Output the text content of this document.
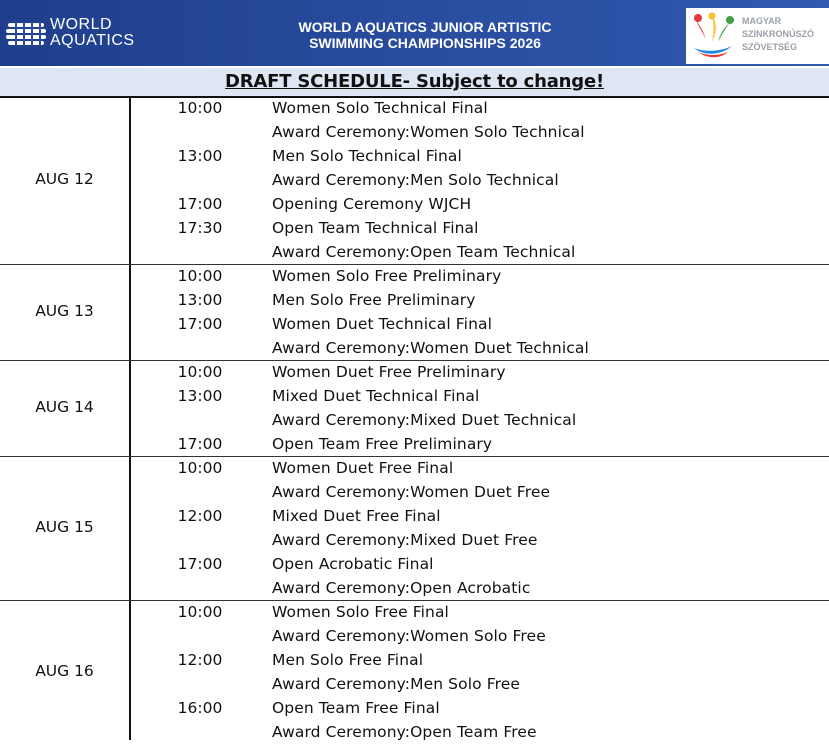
WORLD
AQUATICS
WORLD AQUATICS JUNIOR ARTISTIC
SWIMMING CHAMPIONSHIPS 2026
MAGYAR
SZINKRONÚSZÓ
SZÖVETSÉG
DRAFT SCHEDULE- Subject to change!
AUG 12
10:00	Women Solo Technical Final
Award Ceremony:Women Solo Technical
13:00	Men Solo Technical Final
Award Ceremony:Men Solo Technical
17:00	Opening Ceremony WJCH
17:30	Open Team Technical Final
Award Ceremony:Open Team Technical
AUG 13
10:00	Women Solo Free Preliminary
13:00	Men Solo Free Preliminary
17:00	Women Duet Technical Final
Award Ceremony:Women Duet Technical
AUG 14
10:00	Women Duet Free Preliminary
13:00	Mixed Duet Technical Final
Award Ceremony:Mixed Duet Technical
17:00	Open Team Free Preliminary
AUG 15
10:00	Women Duet Free Final
Award Ceremony:Women Duet Free
12:00	Mixed Duet Free Final
Award Ceremony:Mixed Duet Free
17:00	Open Acrobatic Final
Award Ceremony:Open Acrobatic
AUG 16
10:00	Women Solo Free Final
Award Ceremony:Women Solo Free
12:00	Men Solo Free Final
Award Ceremony:Men Solo Free
16:00	Open Team Free Final
Award Ceremony:Open Team Free
